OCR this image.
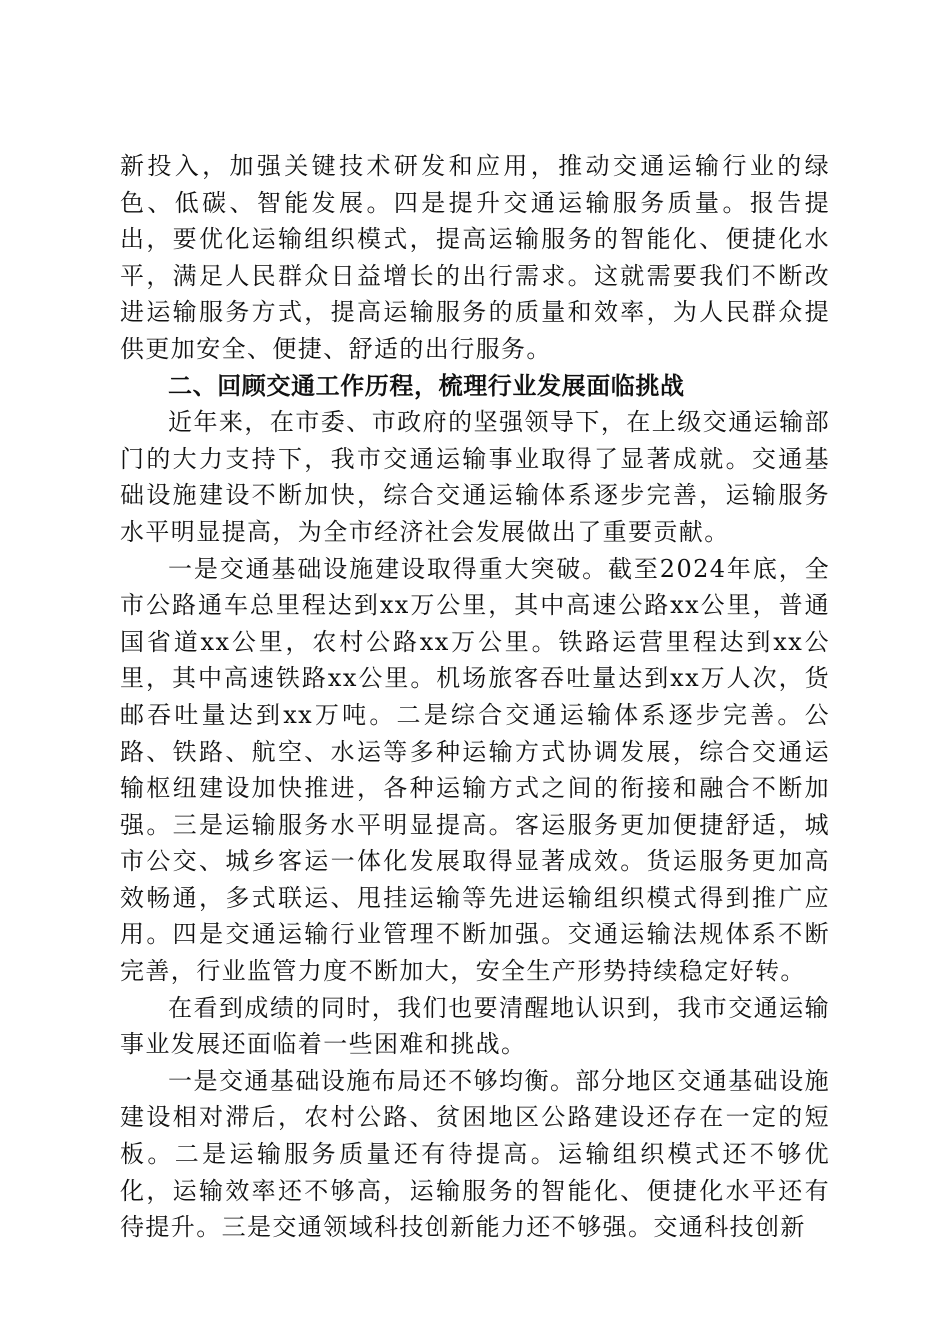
新投入，加强关键技术研发和应用，推动交通运输行业的绿色、低碳、智能发展。四是提升交通运输服务质量。报告提出，要优化运输组织模式，提高运输服务的智能化、便捷化水平，满足人民群众日益增长的出行需求。这就需要我们不断改进运输服务方式，提高运输服务的质量和效率，为人民群众提供更加安全、便捷、舒适的出行服务。

二、回顾交通工作历程，梳理行业发展面临挑战

近年来，在市委、市政府的坚强领导下，在上级交通运输部门的大力支持下，我市交通运输事业取得了显著成就。交通基础设施建设不断加快，综合交通运输体系逐步完善，运输服务水平明显提高，为全市经济社会发展做出了重要贡献。

一是交通基础设施建设取得重大突破。截至2024年底，全市公路通车总里程达到xx万公里，其中高速公路xx公里，普通国省道xx公里，农村公路xx万公里。铁路运营里程达到xx公里，其中高速铁路xx公里。机场旅客吞吐量达到xx万人次，货邮吞吐量达到xx万吨。二是综合交通运输体系逐步完善。公路、铁路、航空、水运等多种运输方式协调发展，综合交通运输枢纽建设加快推进，各种运输方式之间的衔接和融合不断加强。三是运输服务水平明显提高。客运服务更加便捷舒适，城市公交、城乡客运一体化发展取得显著成效。货运服务更加高效畅通，多式联运、甩挂运输等先进运输组织模式得到推广应用。四是交通运输行业管理不断加强。交通运输法规体系不断完善，行业监管力度不断加大，安全生产形势持续稳定好转。

在看到成绩的同时，我们也要清醒地认识到，我市交通运输事业发展还面临着一些困难和挑战。

一是交通基础设施布局还不够均衡。部分地区交通基础设施建设相对滞后，农村公路、贫困地区公路建设还存在一定的短板。二是运输服务质量还有待提高。运输组织模式还不够优化，运输效率还不够高，运输服务的智能化、便捷化水平还有待提升。三是交通领域科技创新能力还不够强。交通科技创新
